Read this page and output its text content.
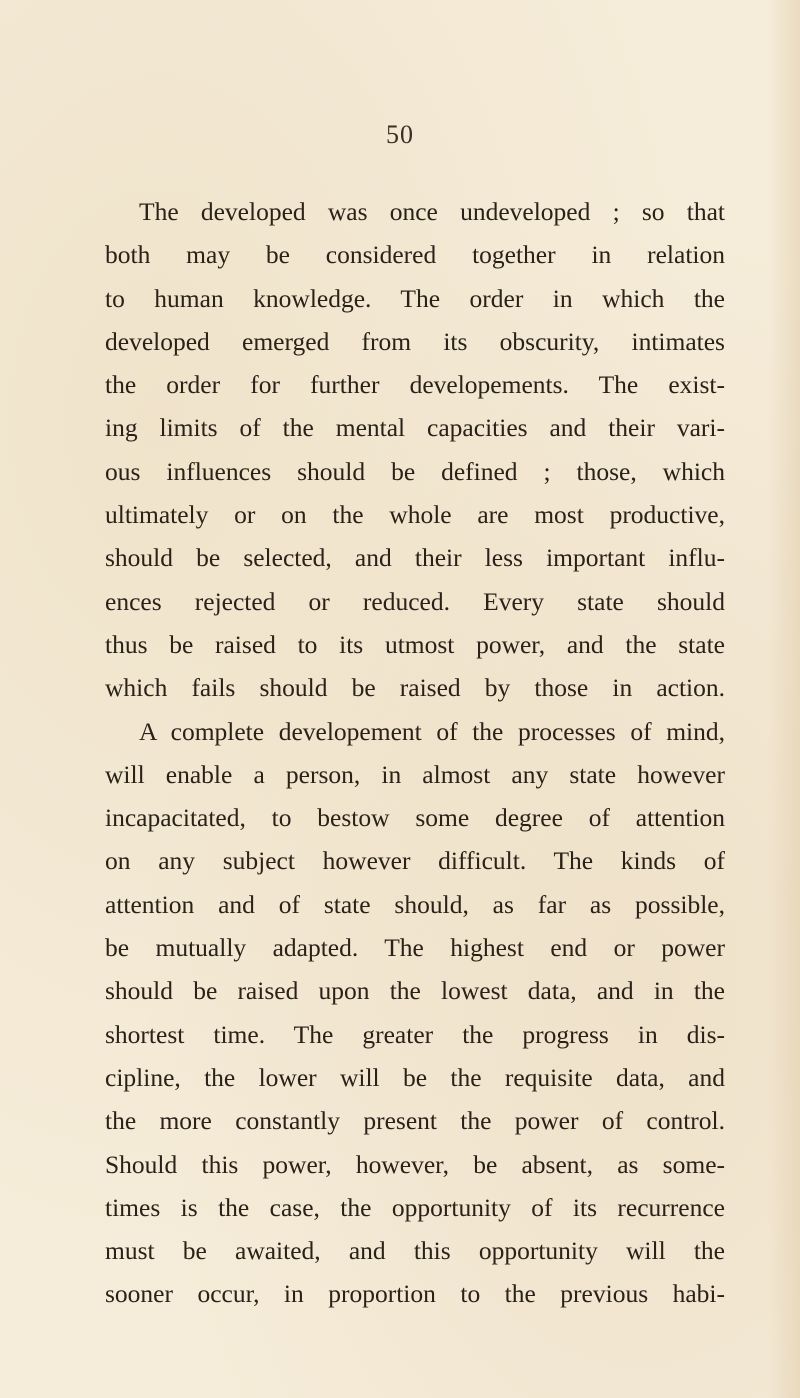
50
The developed was once undeveloped ; so that
both may be considered together in relation
to human knowledge. The order in which the
developed emerged from its obscurity, intimates
the order for further developements. The exist-
ing limits of the mental capacities and their vari-
ous influences should be defined ; those, which
ultimately or on the whole are most productive,
should be selected, and their less important influ-
ences rejected or reduced. Every state should
thus be raised to its utmost power, and the state
which fails should be raised by those in action.
A complete developement of the processes of mind,
will enable a person, in almost any state however
incapacitated, to bestow some degree of attention
on any subject however difficult. The kinds of
attention and of state should, as far as possible,
be mutually adapted. The highest end or power
should be raised upon the lowest data, and in the
shortest time. The greater the progress in dis-
cipline, the lower will be the requisite data, and
the more constantly present the power of control.
Should this power, however, be absent, as some-
times is the case, the opportunity of its recurrence
must be awaited, and this opportunity will the
sooner occur, in proportion to the previous habi-
